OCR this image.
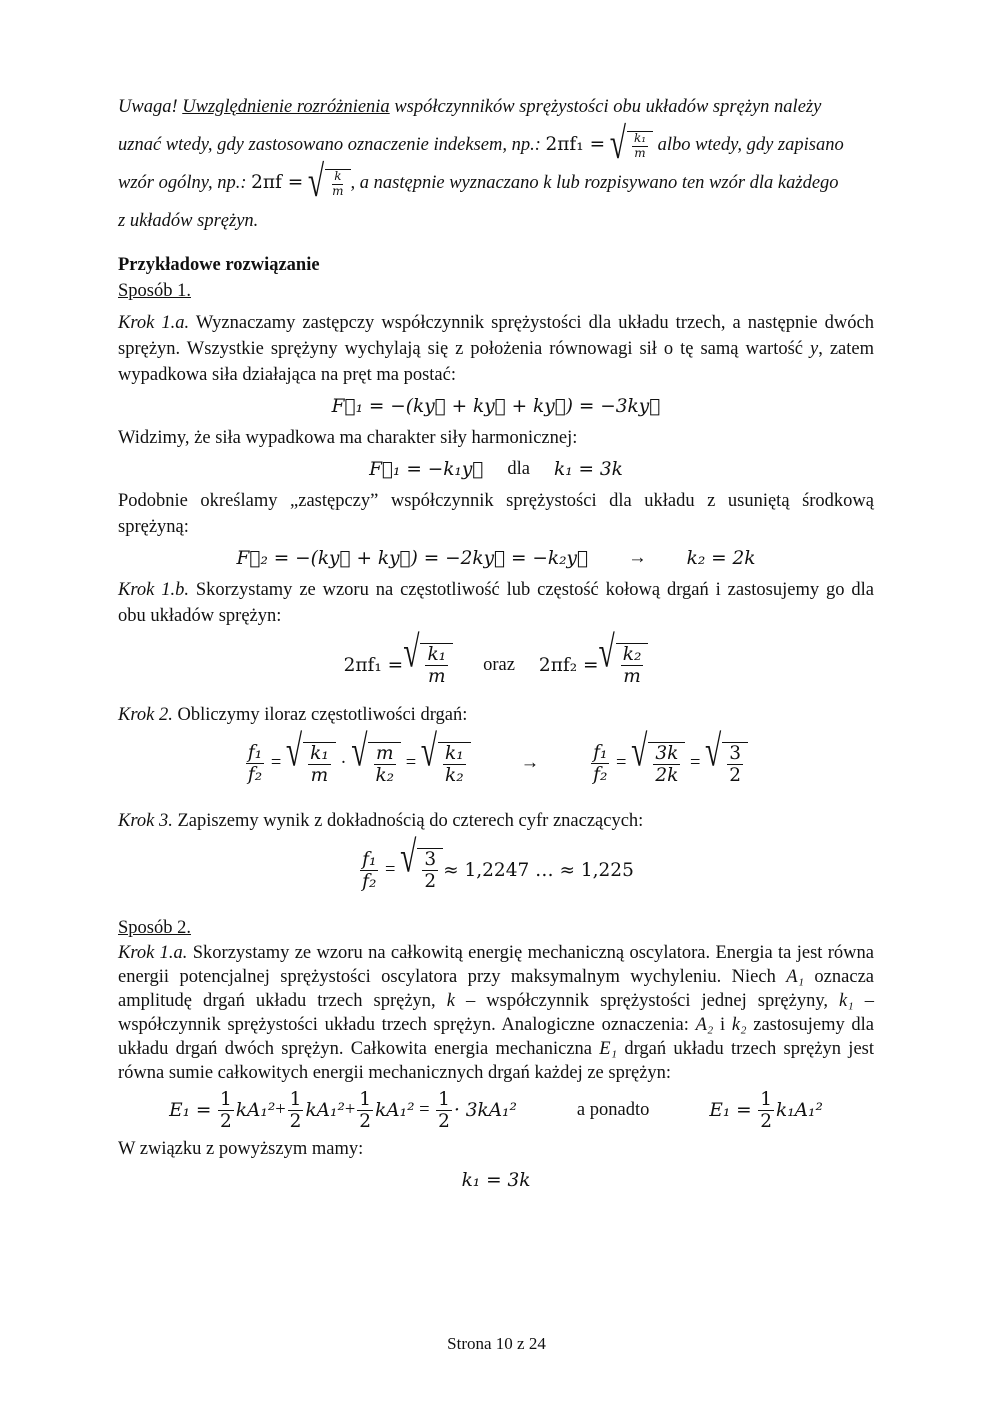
Uwaga! Uwzględnienie rozróżnienia współczynników sprężystości obu układów sprężyn należy
uznać wtedy, gdy zastosowano oznaczenie indeksem, np.: 2πf₁ = √ $\frac{\text{k₁}}{m}$ albo wtedy, gdy zapisano
wzór ogólny, np.: 2πf = √ $\frac{k}{m}$ , a następnie wyznaczano k lub rozpisywano ten wzór dla każdego
z układów sprężyn.

Przykładowe rozwiązanie

Sposób 1.

Krok 1.a. Wyznaczamy zastępczy współczynnik sprężystości dla układu trzech, a następnie dwóch sprężyn. Wszystkie sprężyny wychylają się z położenia równowagi sił o tę samą wartość y, zatem wypadkowa siła działająca na pręt ma postać:

F⃗₁ = −(ky⃗ + ky⃗ + ky⃗) = −3ky⃗

Widzimy, że siła wypadkowa ma charakter siły harmonicznej:

F⃗₁ = −k₁y⃗ dla k₁ = 3k

Podobnie określamy „zastępczy” współczynnik sprężystości dla układu z usuniętą środkową sprężyną:

F⃗₂ = −(ky⃗ + ky⃗) = −2ky⃗ = −k₂y⃗ → k₂ = 2k

Krok 1.b. Skorzystamy ze wzoru na częstotliwość lub częstość kołową drgań i zastosujemy go dla obu układów sprężyn:

2πf₁ = √ $\frac{\text{k₁}}{m}$ oraz 2πf₂ = √ $\frac{\text{k₂}}{m}$

Krok 2. Obliczymy iloraz częstotliwości drgań:

$\frac{\text{f₁}}{\text{f₂}}$ = √ $\frac{\text{k₁}}{m}$ · √ $\frac{m}{\text{k₂}}$ = √ $\frac{\text{k₁}}{\text{k₂}}$	→	$\frac{\text{f₁}}{\text{f₂}}$ = √ $\frac{3k}{2k}$ = √ $\frac{3}{2}$

Krok 3. Zapiszemy wynik z dokładnością do czterech cyfr znaczących:

$\frac{\text{f₁}}{\text{f₂}}$ = √ $\frac{3}{2} \approx 1,2247$ … ≈ 1,225

Sposób 2.

Krok 1.a. Skorzystamy ze wzoru na całkowitą energię mechaniczną oscylatora. Energia ta jest równa energii potencjalnej sprężystości oscylatora przy maksymalnym wychyleniu. Niech A₁ oznacza amplitudę drgań układu trzech sprężyn, k – współczynnik sprężystości jednej sprężyny, k₁ – współczynnik sprężystości układu trzech sprężyn. Analogiczne oznaczenia: A₂ i k₂ zastosujemy dla układu drgań dwóch sprężyn. Całkowita energia mechaniczna E₁ drgań układu trzech sprężyn jest równa sumie całkowitych energii mechanicznych drgań każdej ze sprężyn:

E₁ =
$\frac{1}{2} kA_1^2 + \frac{1}{2} kA_1^2 + \frac{1}{2} kA_1^2 = \frac{1}{2} \cdot 3kA_1^2$	a ponadto	E₁ =
$\frac{1}{2} k_1A_1^2$

W związku z powyższym mamy:

k₁ = 3k
Strona 10 z 24
